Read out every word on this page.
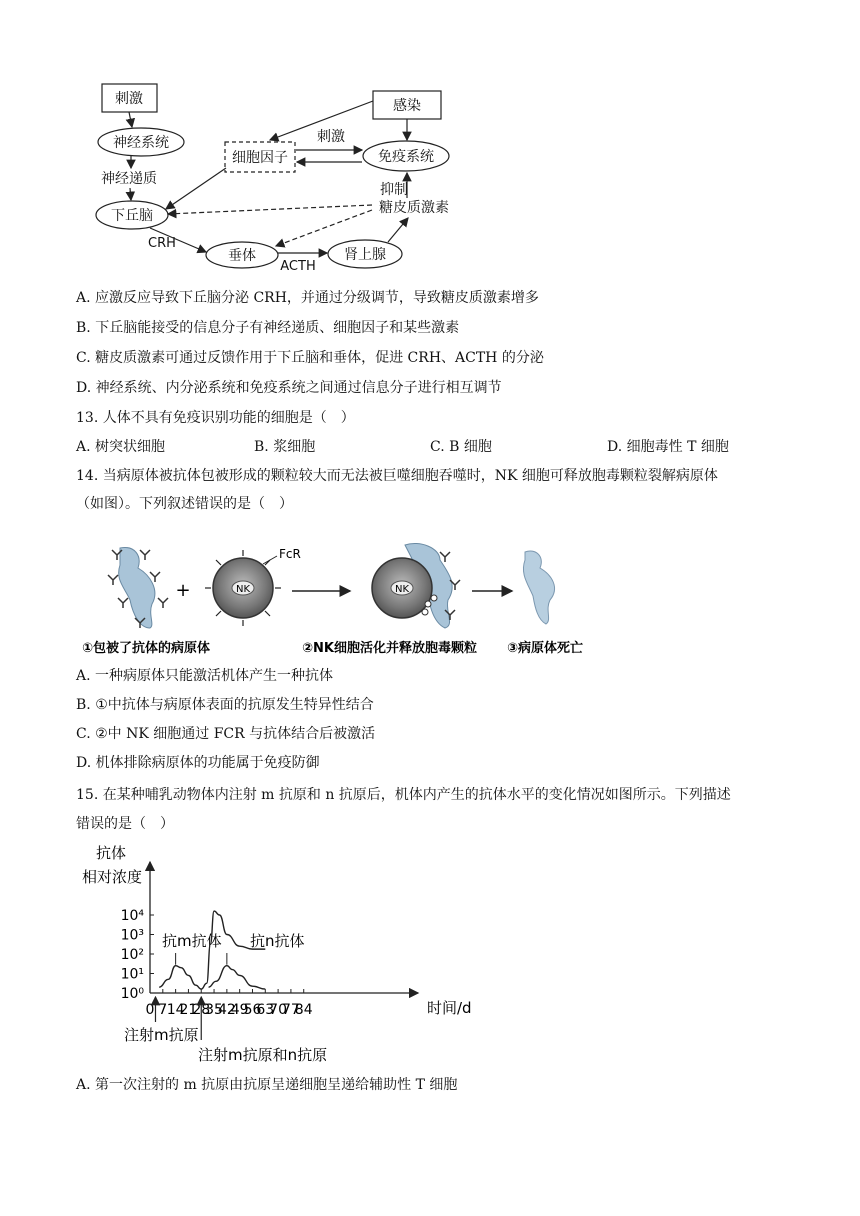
刺激
神经系统
神经递质
下丘脑
CRH
垂体
ACTH
肾上腺
感染
细胞因子
刺激
免疫系统
抑制
糖皮质激素
A. 应激反应导致下丘脑分泌 CRH，并通过分级调节，导致糖皮质激素增多
B. 下丘脑能接受的信息分子有神经递质、细胞因子和某些激素
C. 糖皮质激素可通过反馈作用于下丘脑和垂体，促进 CRH、ACTH 的分泌
D. 神经系统、内分泌系统和免疫系统之间通过信息分子进行相互调节
13. 人体不具有免疫识别功能的细胞是（　）
A. 树突状细胞	B. 浆细胞	C. B 细胞	D. 细胞毒性 T 细胞
14. 当病原体被抗体包被形成的颗粒较大而无法被巨噬细胞吞噬时，NK 细胞可释放胞毒颗粒裂解病原体
（如图）。下列叙述错误的是（　）
+	NK
FcR
NK
①包被了抗体的病原体	②NK细胞活化并释放胞毒颗粒 ③病原体死亡
A. 一种病原体只能激活机体产生一种抗体
B. ①中抗体与病原体表面的抗原发生特异性结合
C. ②中 NK 细胞通过 FCR 与抗体结合后被激活
D. 机体排除病原体的功能属于免疫防御
15. 在某种哺乳动物体内注射 m 抗原和 n 抗原后，机体内产生的抗体水平的变化情况如图所示。下列描述
错误的是（　）
抗体
相对浓度
时间/d
注射m抗原
注射m抗原和n抗原
抗m抗体 抗n抗体
0 7 14
21
28
35
42
49
56
63
70
77
84
10⁰
10¹
10²
10³
10⁴
A. 第一次注射的 m 抗原由抗原呈递细胞呈递给辅助性 T 细胞
